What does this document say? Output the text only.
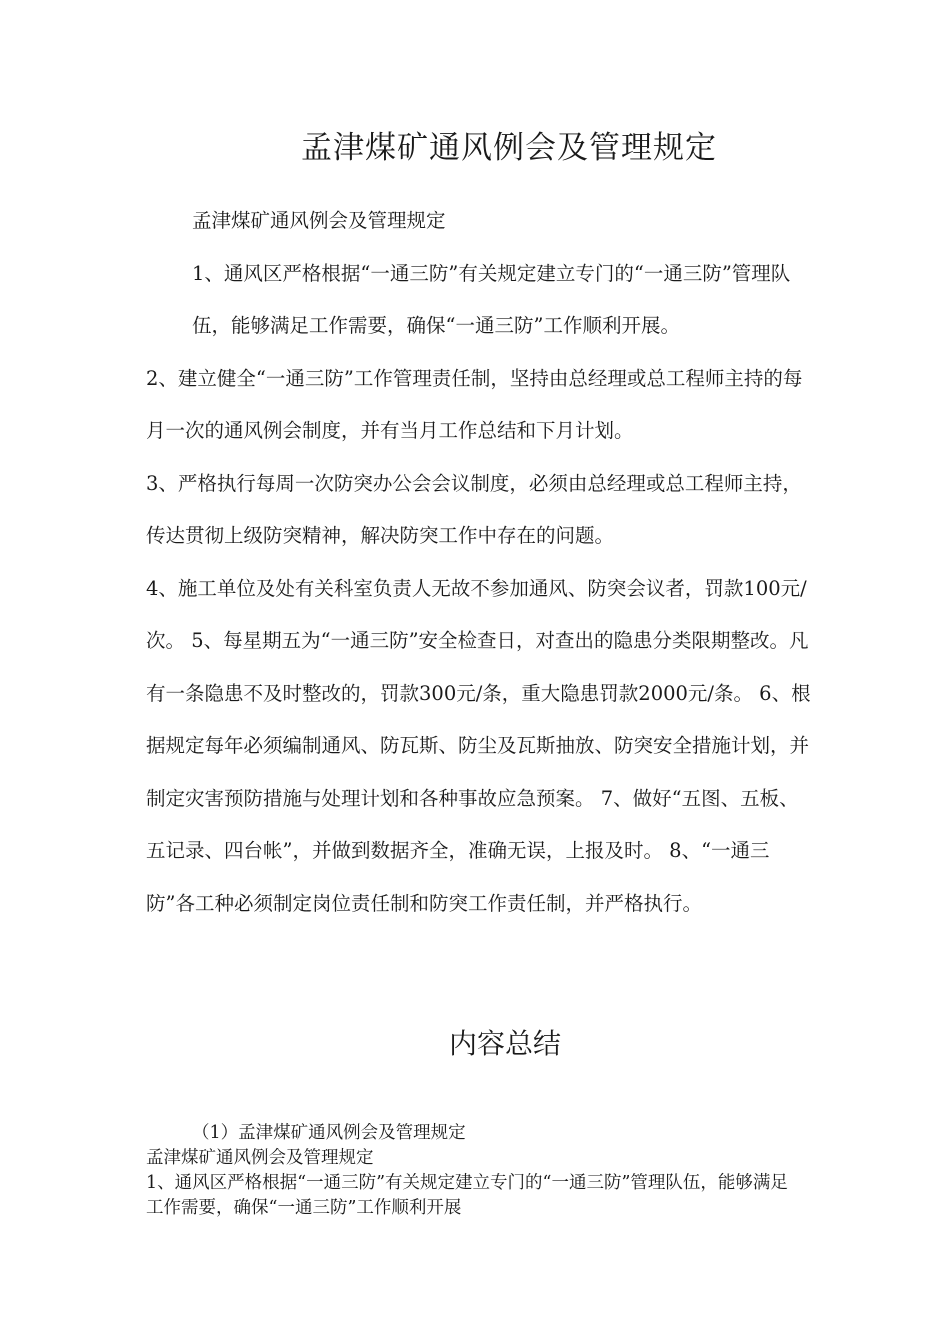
孟津煤矿通风例会及管理规定

孟津煤矿通风例会及管理规定

1、通风区严格根据“一通三防”有关规定建立专门的“一通三防”管理队伍，能够满足工作需要，确保“一通三防”工作顺利开展。

2、建立健全“一通三防”工作管理责任制，坚持由总经理或总工程师主持的每月一次的通风例会制度，并有当月工作总结和下月计划。

3、严格执行每周一次防突办公会会议制度，必须由总经理或总工程师主持，传达贯彻上级防突精神，解决防突工作中存在的问题。

4、施工单位及处有关科室负责人无故不参加通风、防突会议者，罚款100元/次。 5、每星期五为“一通三防”安全检查日，对查出的隐患分类限期整改。凡有一条隐患不及时整改的，罚款300元/条，重大隐患罚款2000元/条。 6、根据规定每年必须编制通风、防瓦斯、防尘及瓦斯抽放、防突安全措施计划，并制定灾害预防措施与处理计划和各种事故应急预案。 7、做好“五图、五板、五记录、四台帐”，并做到数据齐全，准确无误，上报及时。 8、“一通三防”各工种必须制定岗位责任制和防突工作责任制，并严格执行。

内容总结

（1）孟津煤矿通风例会及管理规定

孟津煤矿通风例会及管理规定

1、通风区严格根据“一通三防”有关规定建立专门的“一通三防”管理队伍，能够满足工作需要，确保“一通三防”工作顺利开展
